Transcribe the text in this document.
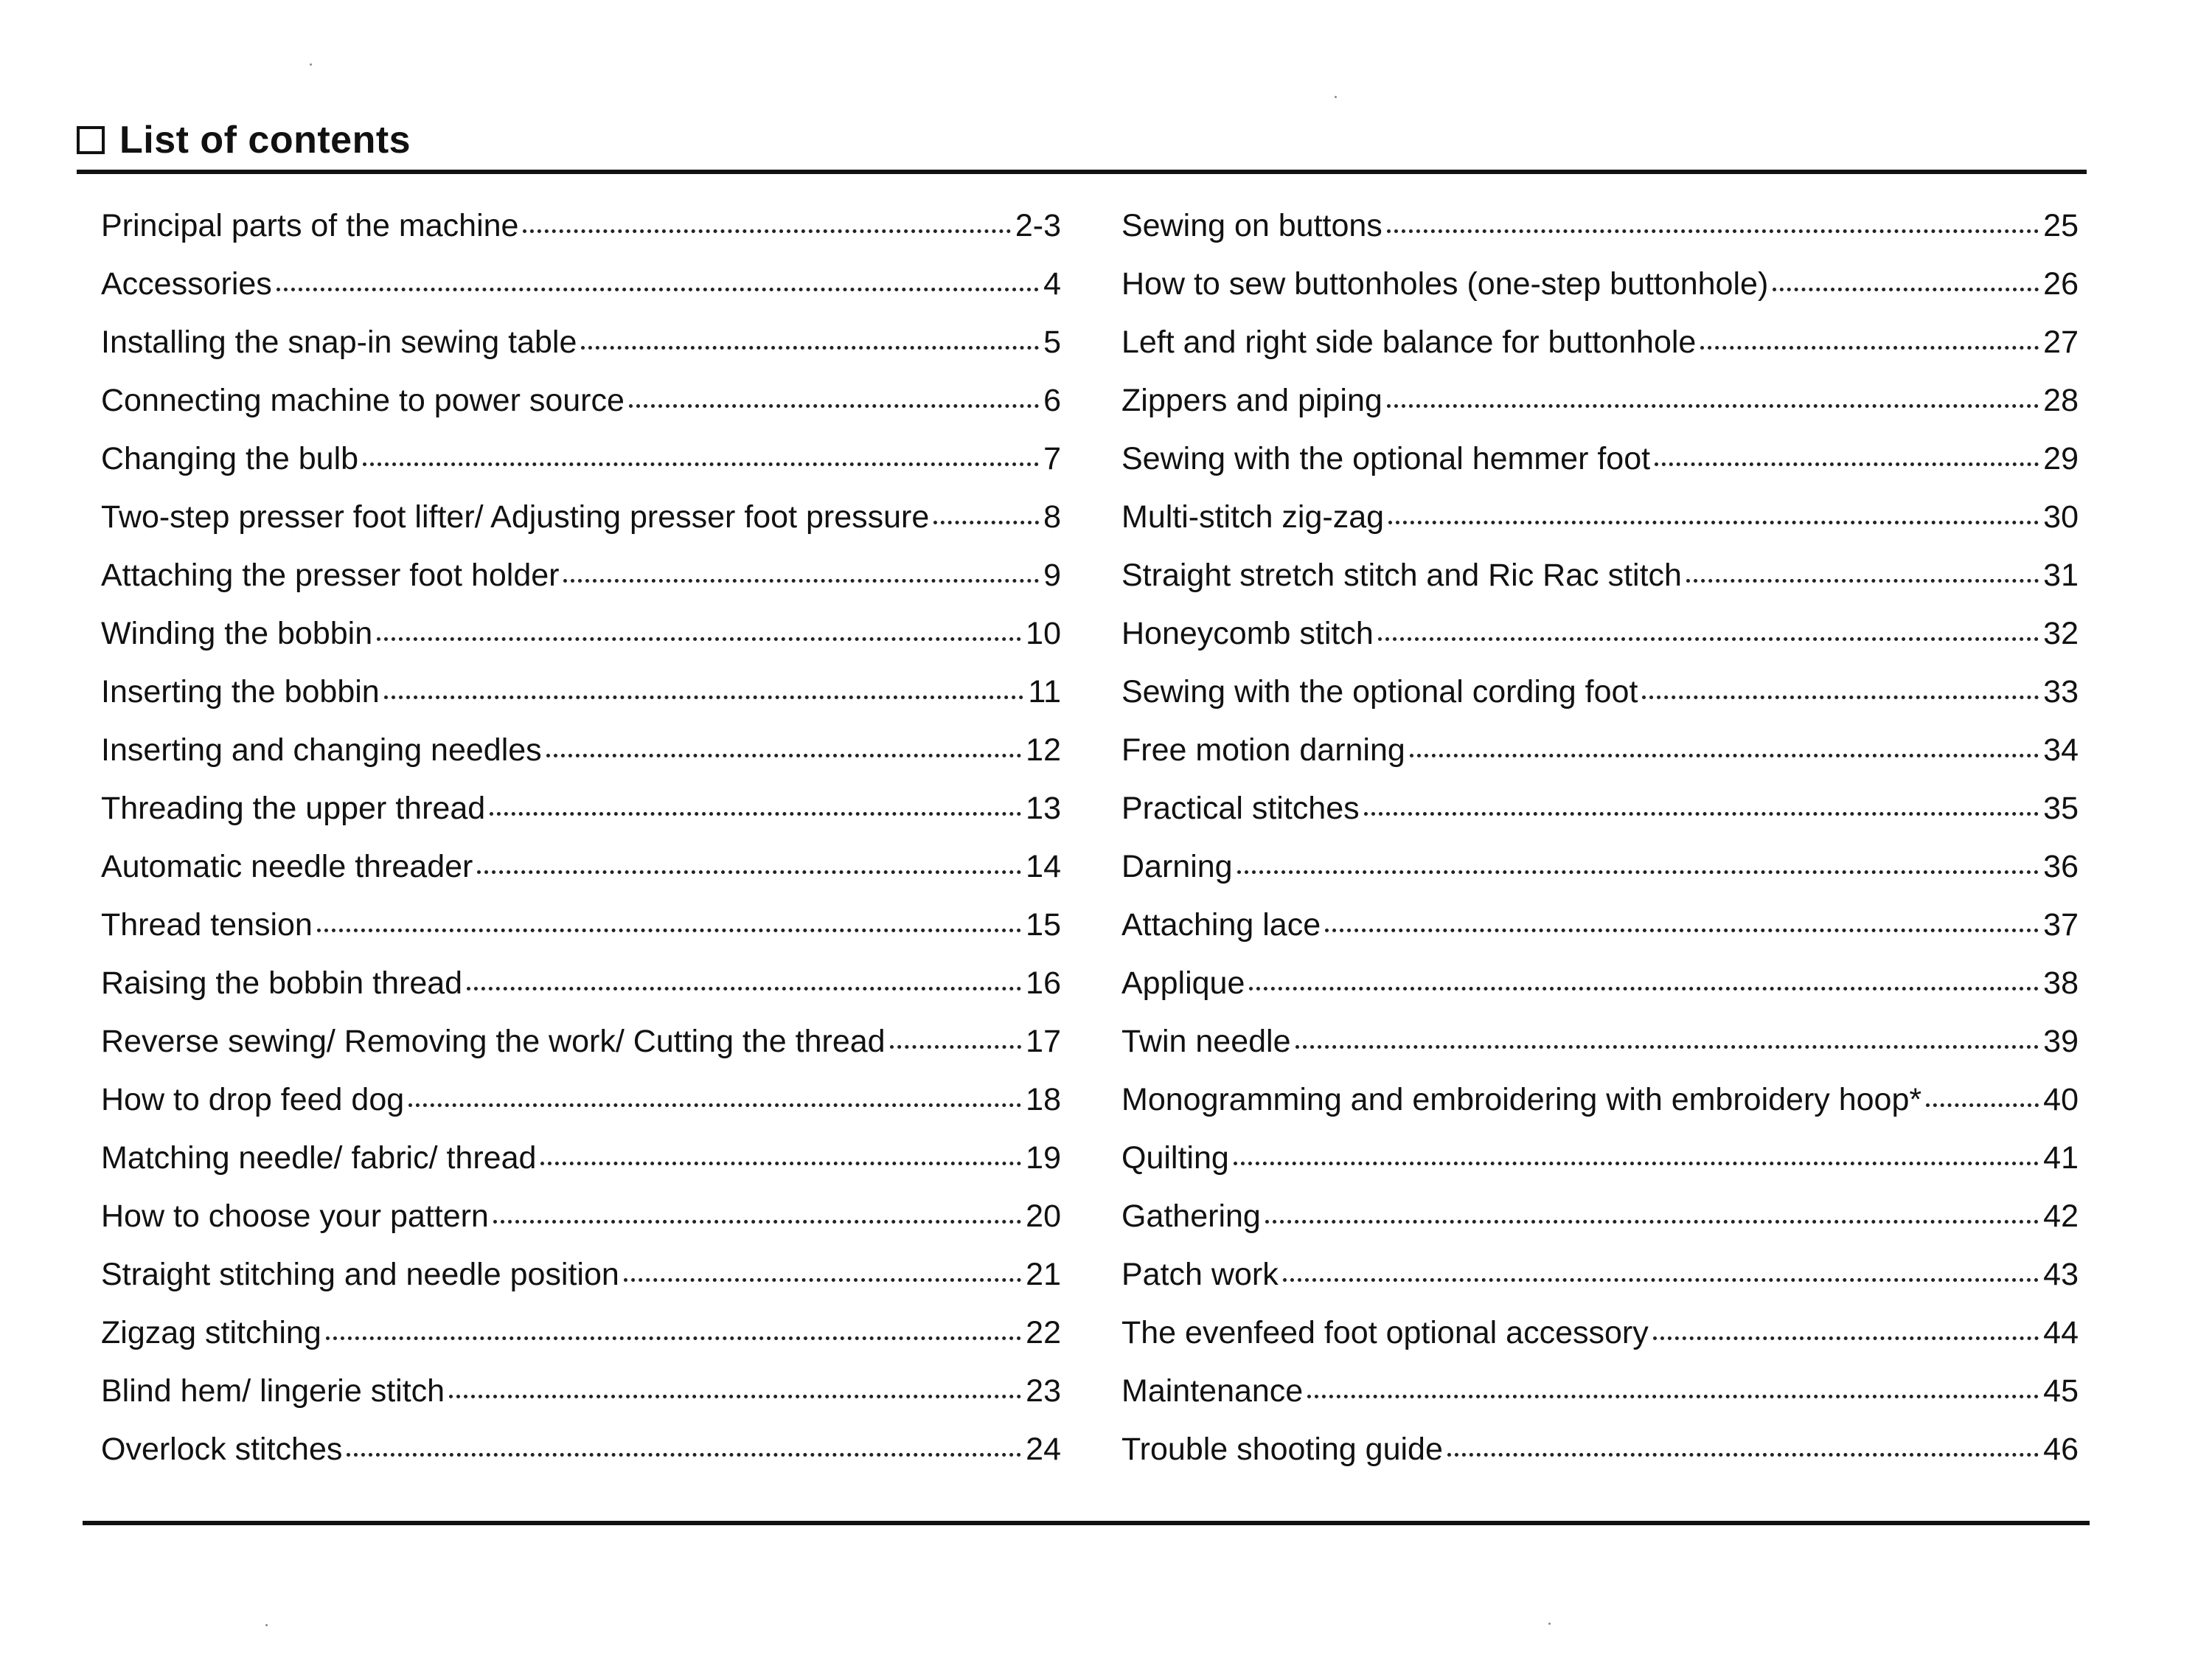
List of contents
Principal parts of the machine	2-3
Accessories	4
Installing the snap-in sewing table	5
Connecting machine to power source	6
Changing the bulb	7
Two-step presser foot lifter/ Adjusting presser foot pressure	8
Attaching the presser foot holder	9
Winding the bobbin	10
Inserting the bobbin	11
Inserting and changing needles	12
Threading the upper thread	13
Automatic needle threader	14
Thread tension	15
Raising the bobbin thread	16
Reverse sewing/ Removing the work/ Cutting the thread	17
How to drop feed dog	18
Matching needle/ fabric/ thread	19
How to choose your pattern	20
Straight stitching and needle position	21
Zigzag stitching	22
Blind hem/ lingerie stitch	23
Overlock stitches	24
Sewing on buttons	25
How to sew buttonholes (one-step buttonhole)	26
Left and right side balance for buttonhole	27
Zippers and piping	28
Sewing with the optional hemmer foot	29
Multi-stitch zig-zag	30
Straight stretch stitch and Ric Rac stitch	31
Honeycomb stitch	32
Sewing with the optional cording foot	33
Free motion darning	34
Practical stitches	35
Darning	36
Attaching lace	37
Applique	38
Twin needle	39
Monogramming and embroidering with embroidery hoop*	40
Quilting	41
Gathering	42
Patch work	43
The evenfeed foot optional accessory	44
Maintenance	45
Trouble shooting guide	46
